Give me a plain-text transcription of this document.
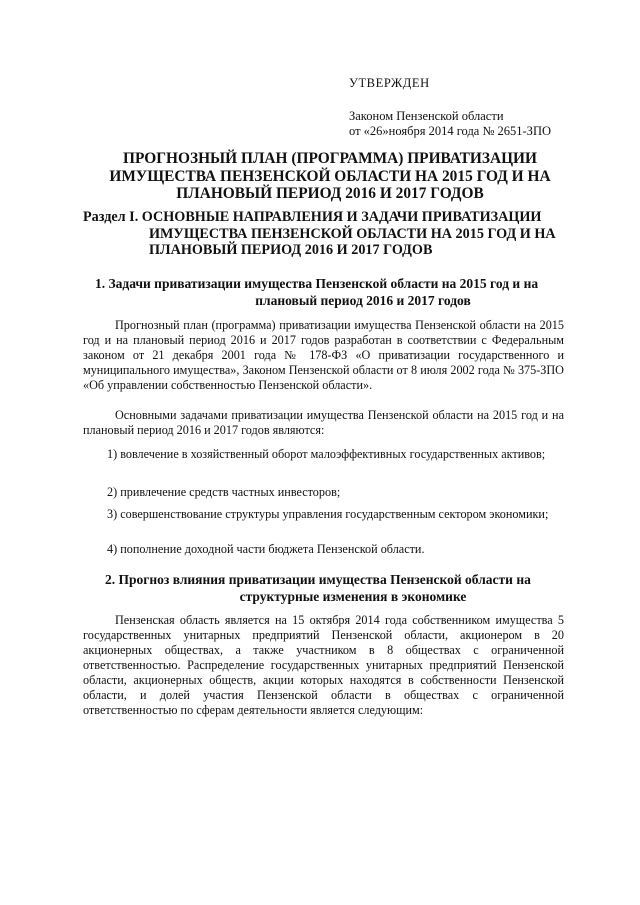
УТВЕРЖДЕН
Законом Пензенской области
от «26»ноября 2014 года № 2651-ЗПО
ПРОГНОЗНЫЙ ПЛАН (ПРОГРАММА) ПРИВАТИЗАЦИИ
ИМУЩЕСТВА ПЕНЗЕНСКОЙ ОБЛАСТИ НА 2015 ГОД И НА
ПЛАНОВЫЙ ПЕРИОД 2016 И 2017 ГОДОВ
Раздел I. ОСНОВНЫЕ НАПРАВЛЕНИЯ И ЗАДАЧИ ПРИВАТИЗАЦИИ
ИМУЩЕСТВА ПЕНЗЕНСКОЙ ОБЛАСТИ НА 2015 ГОД И НА
ПЛАНОВЫЙ ПЕРИОД 2016 И 2017 ГОДОВ
1. Задачи приватизации имущества Пензенской области на 2015 год и на
плановый период 2016 и 2017 годов
Прогнозный план (программа) приватизации имущества Пензенской области на 2015 год и на плановый период 2016 и 2017 годов разработан в соответствии с Федеральным законом от 21 декабря 2001 года № 178-ФЗ «О приватизации государственного и муниципального имущества», Законом Пензенской области от 8 июля 2002 года № 375-ЗПО «Об управлении собственностью Пензенской области».
Основными задачами приватизации имущества Пензенской области на 2015 год и на плановый период 2016 и 2017 годов являются:
1) вовлечение в хозяйственный оборот малоэффективных государственных активов;
2) привлечение средств частных инвесторов;
3) совершенствование структуры управления государственным сектором экономики;
4) пополнение доходной части бюджета Пензенской области.
2. Прогноз влияния приватизации имущества Пензенской области на
структурные изменения в экономике
Пензенская область является на 15 октября 2014 года собственником имущества 5 государственных унитарных предприятий Пензенской области, акционером в 20 акционерных обществах, а также участником в 8 обществах с ограниченной ответственностью. Распределение государственных унитарных предприятий Пензенской области, акционерных обществ, акции которых находятся в собственности Пензенской области, и долей участия Пензенской области в обществах с ограниченной ответственностью по сферам деятельности является следующим:
